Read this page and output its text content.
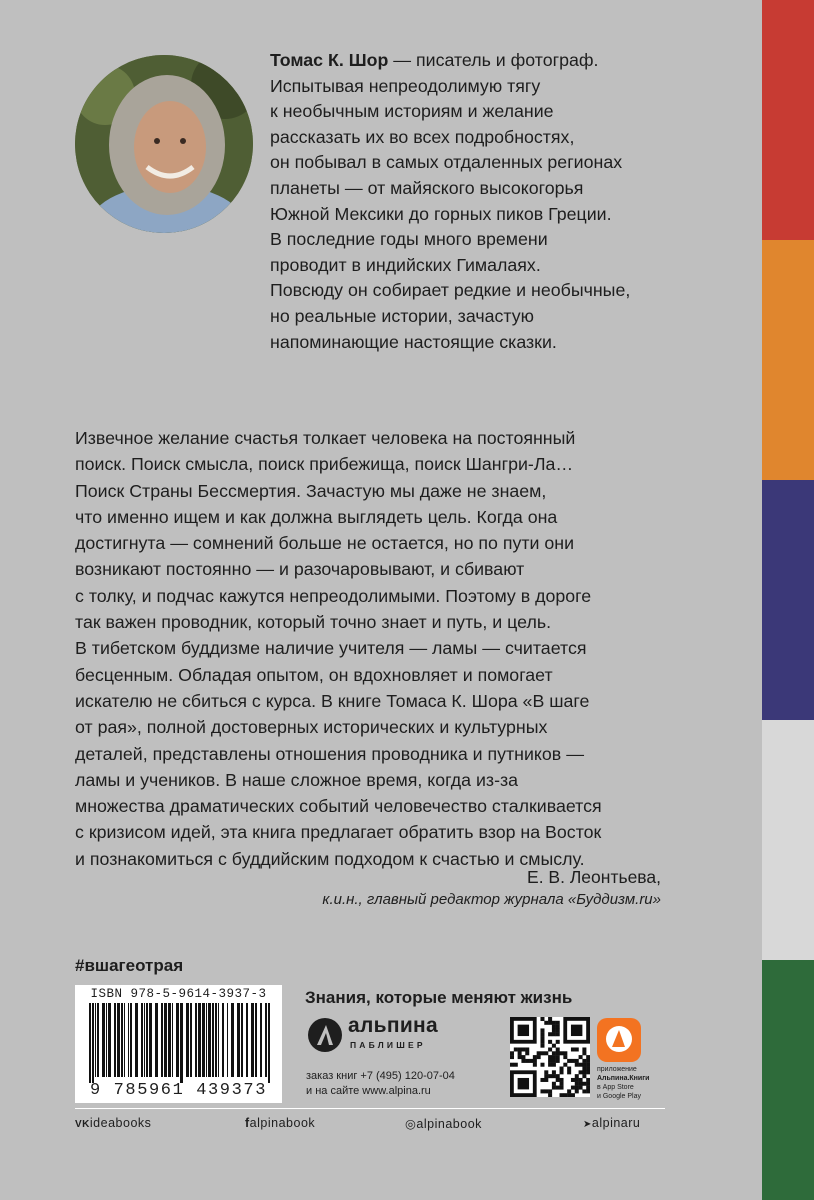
Томас К. Шор — писатель и фотограф.
Испытывая непреодолимую тягу
к необычным историям и желание
рассказать их во всех подробностях,
он побывал в самых отдаленных регионах
планеты — от майяского высокогорья
Южной Мексики до горных пиков Греции.
В последние годы много времени
проводит в индийских Гималаях.
Повсюду он собирает редкие и необычные,
но реальные истории, зачастую
напоминающие настоящие сказки.
Извечное желание счастья толкает человека на постоянный
поиск. Поиск смысла, поиск прибежища, поиск Шангри-Ла…
Поиск Страны Бессмертия. Зачастую мы даже не знаем,
что именно ищем и как должна выглядеть цель. Когда она
достигнута — сомнений больше не остается, но по пути они
возникают постоянно — и разочаровывают, и сбивают
с толку, и подчас кажутся непреодолимыми. Поэтому в дороге
так важен проводник, который точно знает и путь, и цель.
В тибетском буддизме наличие учителя — ламы — считается
бесценным. Обладая опытом, он вдохновляет и помогает
искателю не сбиться с курса. В книге Томаса К. Шора «В шаге
от рая», полной достоверных исторических и культурных
деталей, представлены отношения проводника и путников —
ламы и учеников. В наше сложное время, когда из-за
множества драматических событий человечество сталкивается
с кризисом идей, эта книга предлагает обратить взор на Восток
и познакомиться с буддийским подходом к счастью и смыслу.
Е. В. Леонтьева,
к.и.н., главный редактор журнала «Буддизм.ru»
#вшагеотрая
ISBN 978-5-9614-3937-3
9 785961 439373
Знания, которые меняют жизнь
альпина
ПАБЛИШЕР
заказ книг +7 (495) 120-07-04
и на сайте www.alpina.ru
приложение
Альпина.Книги
в App Store
и Google Play
VKideabooks	falpinabook	◎alpinabook	➤alpinaru
